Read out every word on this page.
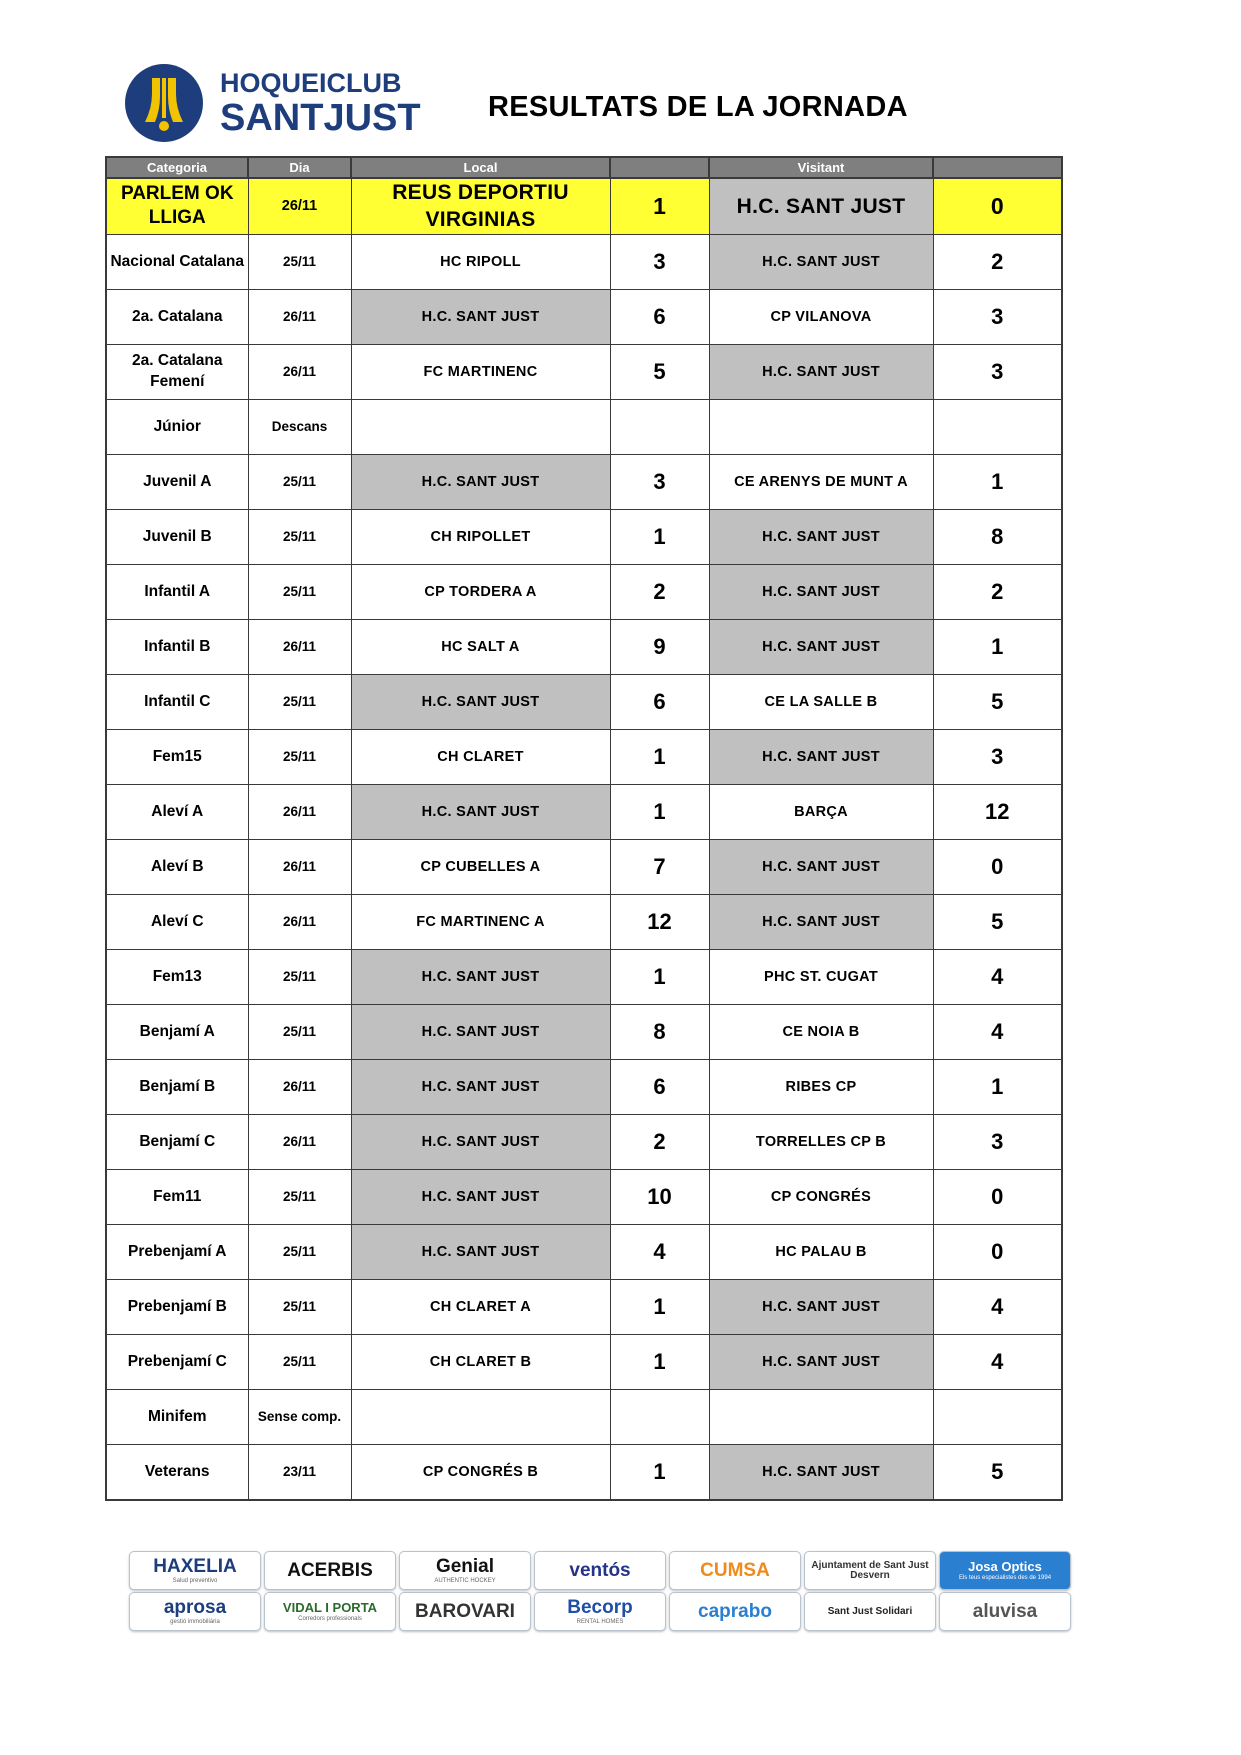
HOQUEICLUB
SANTJUST RESULTATS DE LA JORNADA
Categoria	Dia	Local		Visitant	
PARLEM OK LLIGA	26/11	REUS DEPORTIU VIRGINIAS	1	H.C. SANT JUST	0
Nacional Catalana	25/11	HC RIPOLL	3	H.C. SANT JUST	2
2a. Catalana	26/11	H.C. SANT JUST	6	CP VILANOVA	3
2a. Catalana Femení	26/11	FC MARTINENC	5	H.C. SANT JUST	3
Júnior	Descans				
Juvenil A	25/11	H.C. SANT JUST	3	CE ARENYS DE MUNT A	1
Juvenil B	25/11	CH RIPOLLET	1	H.C. SANT JUST	8
Infantil A	25/11	CP TORDERA A	2	H.C. SANT JUST	2
Infantil B	26/11	HC SALT A	9	H.C. SANT JUST	1
Infantil C	25/11	H.C. SANT JUST	6	CE LA SALLE B	5
Fem15	25/11	CH CLARET	1	H.C. SANT JUST	3
Aleví A	26/11	H.C. SANT JUST	1	BARÇA	12
Aleví B	26/11	CP CUBELLES A	7	H.C. SANT JUST	0
Aleví C	26/11	FC MARTINENC A	12	H.C. SANT JUST	5
Fem13	25/11	H.C. SANT JUST	1	PHC ST. CUGAT	4
Benjamí A	25/11	H.C. SANT JUST	8	CE NOIA B	4
Benjamí B	26/11	H.C. SANT JUST	6	RIBES CP	1
Benjamí C	26/11	H.C. SANT JUST	2	TORRELLES CP B	3
Fem11	25/11	H.C. SANT JUST	10	CP CONGRÉS	0
Prebenjamí A	25/11	H.C. SANT JUST	4	HC PALAU B	0
Prebenjamí B	25/11	CH CLARET A	1	H.C. SANT JUST	4
Prebenjamí C	25/11	CH CLARET B	1	H.C. SANT JUST	4
Minifem	Sense comp.				
Veterans	23/11	CP CONGRÉS B	1	H.C. SANT JUST	5
HAXELIA
Salud preventivo	ACERBIS	Genial
AUTHENTIC HOCKEY	ventós	CUMSA	Ajuntament de Sant Just Desvern
Josa Optics
Els teus especialistes des de 1994
aprosa
gestió immobiliària
VIDAL I PORTA
Corredors professionals	BAROVARI	Becorp
RENTAL HOMES	caprabo	Sant Just Solidari	aluvisa
